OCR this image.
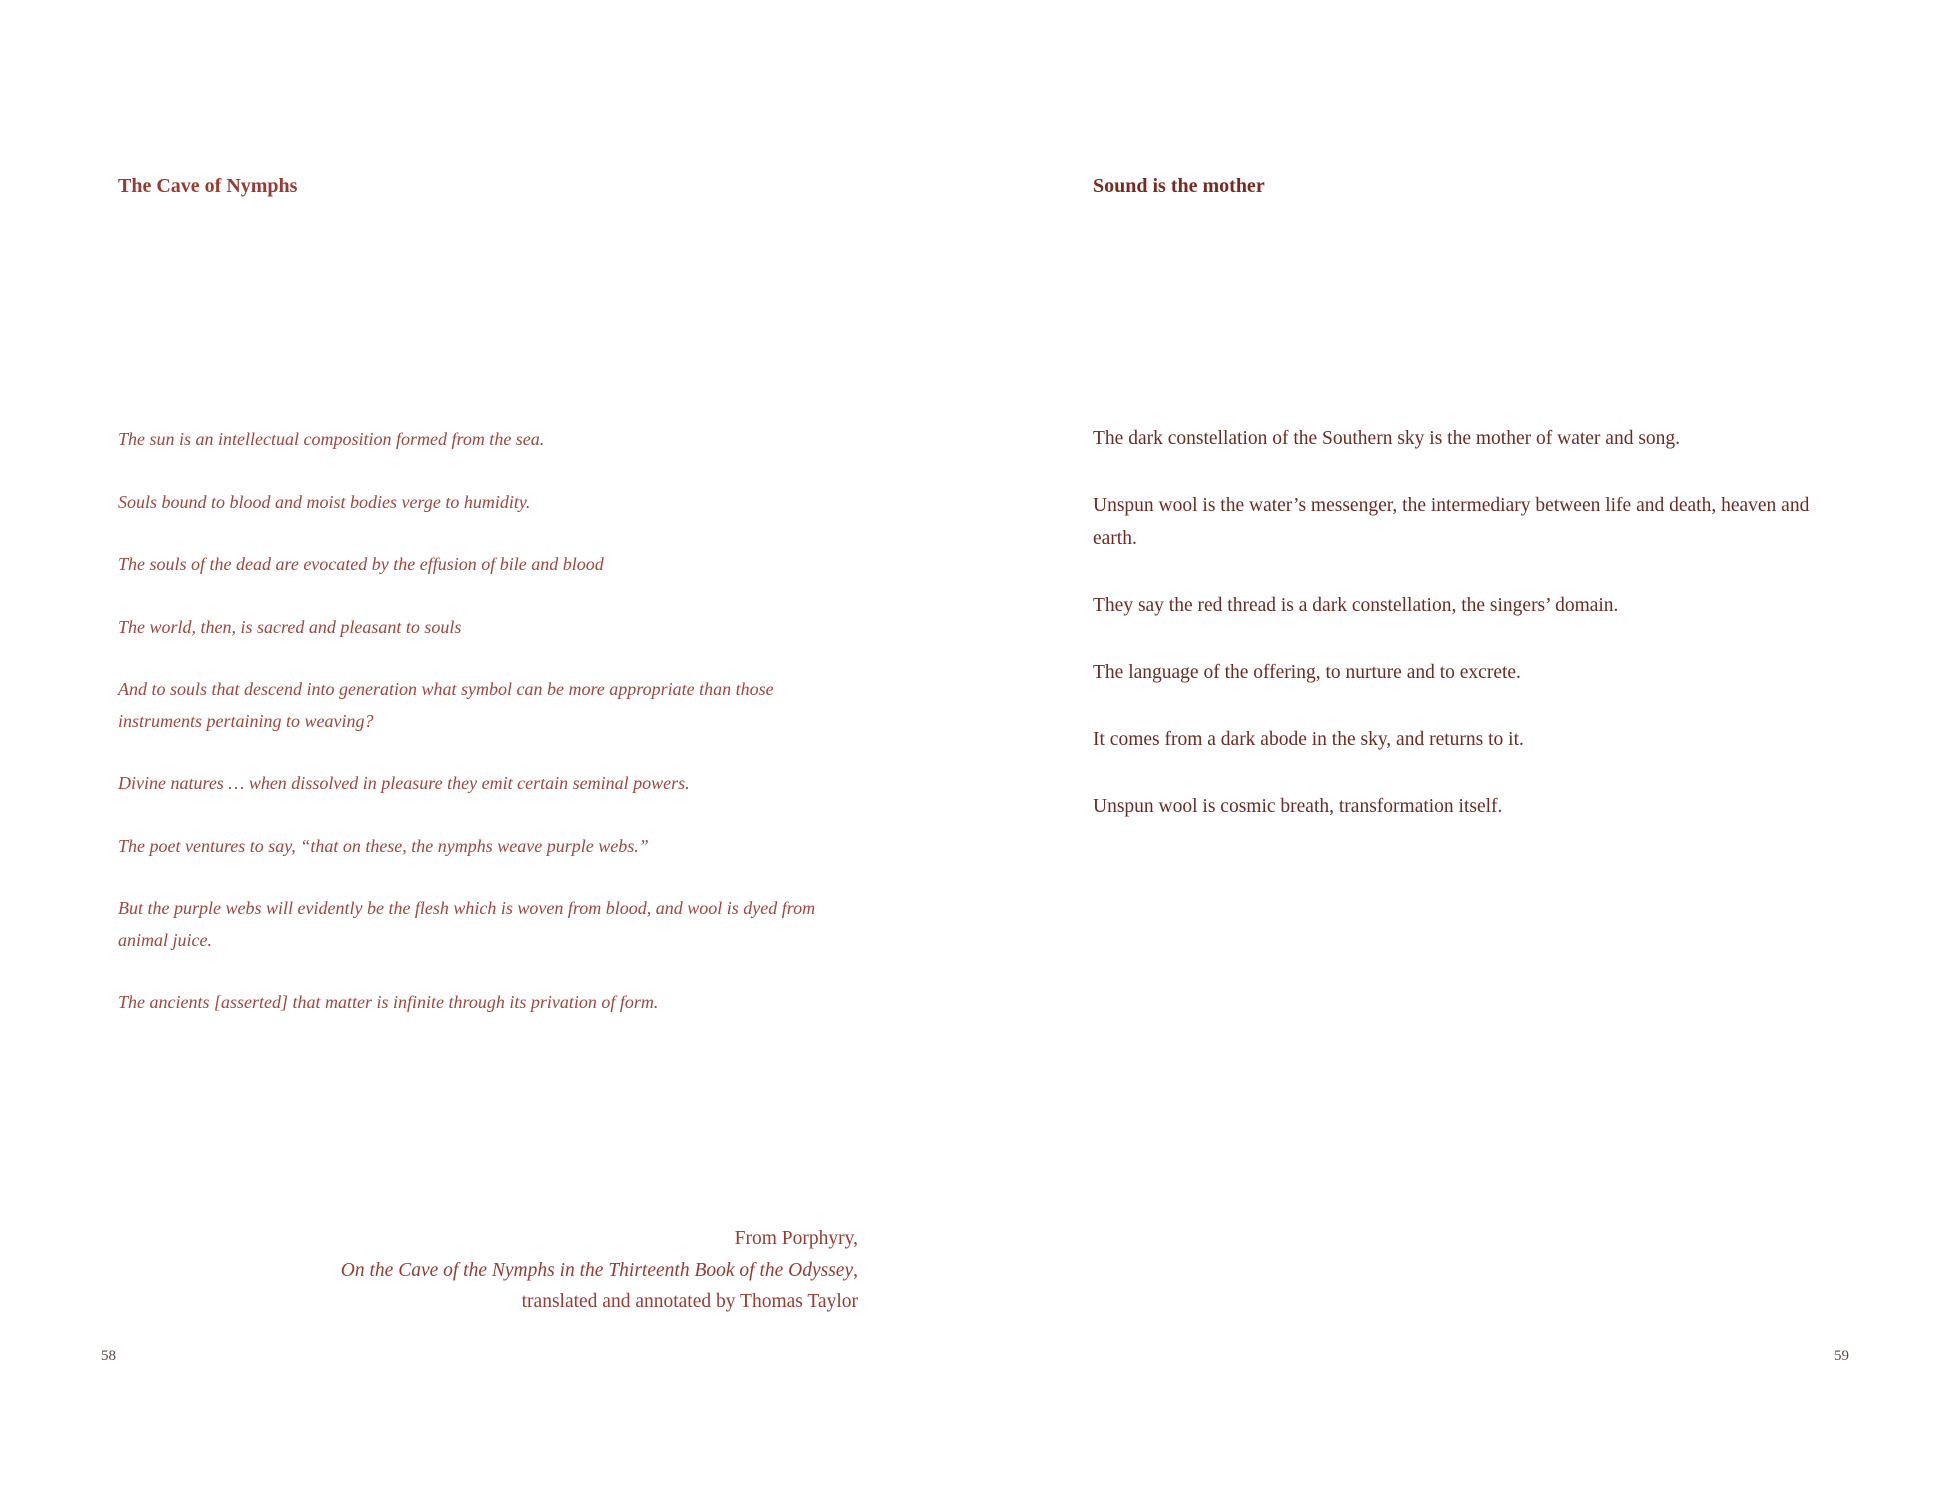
The Cave of Nymphs
The sun is an intellectual composition formed from the sea.
Souls bound to blood and moist bodies verge to humidity.
The souls of the dead are evocated by the effusion of bile and blood
The world, then, is sacred and pleasant to souls
And to souls that descend into generation what symbol can be more appropriate than those instruments pertaining to weaving?
Divine natures … when dissolved in pleasure they emit certain seminal powers.
The poet ventures to say, “that on these, the nymphs weave purple webs.”
But the purple webs will evidently be the flesh which is woven from blood, and wool is dyed from animal juice.
The ancients [asserted] that matter is infinite through its privation of form.
From Porphyry,
On the Cave of the Nymphs in the Thirteenth Book of the Odyssey,
translated and annotated by Thomas Taylor
58
Sound is the mother
The dark constellation of the Southern sky is the mother of water and song.
Unspun wool is the water’s messenger, the intermediary between life and death, heaven and earth.
They say the red thread is a dark constellation, the singers’ domain.
The language of the offering, to nurture and to excrete.
It comes from a dark abode in the sky, and returns to it.
Unspun wool is cosmic breath, transformation itself.
59
